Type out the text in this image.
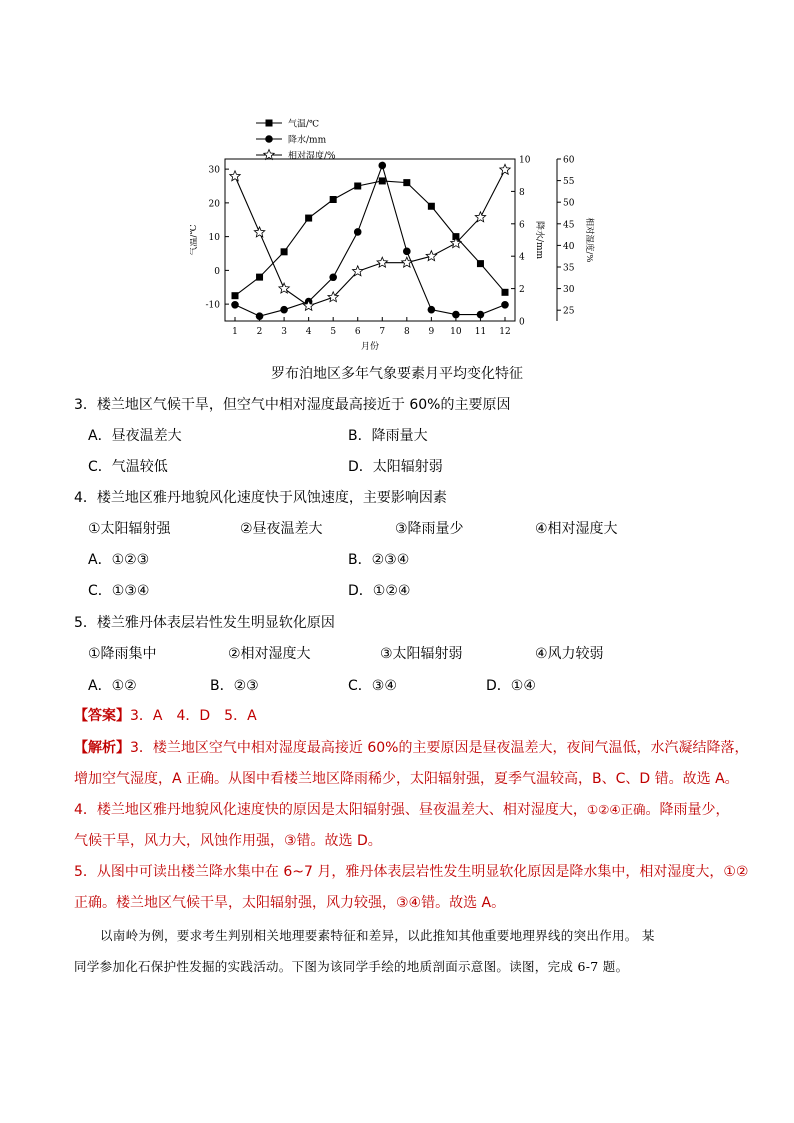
-10
0
10
20
30
气温/℃
0
2
4
6
8
10
降水/mm
25
30
35
40
45
50
55
60
相对湿度/%
1 2 3 4 5 6 7 8 9 10 11 12
月份
气温/℃
降水/mm
相对湿度/%
罗布泊地区多年气象要素月平均变化特征
3．楼兰地区气候干旱，但空气中相对湿度最高接近于 60%的主要原因
A．昼夜温差大	B．降雨量大
C．气温较低	D．太阳辐射弱
4．楼兰地区雅丹地貌风化速度快于风蚀速度，主要影响因素
①太阳辐射强	②昼夜温差大	③降雨量少	④相对湿度大
A．①②③	B．②③④
C．①③④	D．①②④
5．楼兰雅丹体表层岩性发生明显软化原因
①降雨集中	②相对湿度大	③太阳辐射弱	④风力较弱
A．①②	B．②③	C．③④	D．①④
【答案】3．A　4．D　5．A
【解析】3．楼兰地区空气中相对湿度最高接近 60%的主要原因是昼夜温差大，夜间气温低，水汽凝结降落，
增加空气湿度，A 正确。从图中看楼兰地区降雨稀少，太阳辐射强，夏季气温较高，B、C、D 错。故选 A。
4．楼兰地区雅丹地貌风化速度快的原因是太阳辐射强、昼夜温差大、相对湿度大，①②④正确。降雨量少，
气候干旱，风力大，风蚀作用强，③错。故选 D。
5．从图中可读出楼兰降水集中在 6~7 月，雅丹体表层岩性发生明显软化原因是降水集中，相对湿度大，①②
正确。楼兰地区气候干旱，太阳辐射强，风力较强，③④错。故选 A。
以南岭为例，要求考生判别相关地理要素特征和差异，以此推知其他重要地理界线的突出作用。 某
同学参加化石保护性发掘的实践活动。下图为该同学手绘的地质剖面示意图。读图，完成 6-7 题。
